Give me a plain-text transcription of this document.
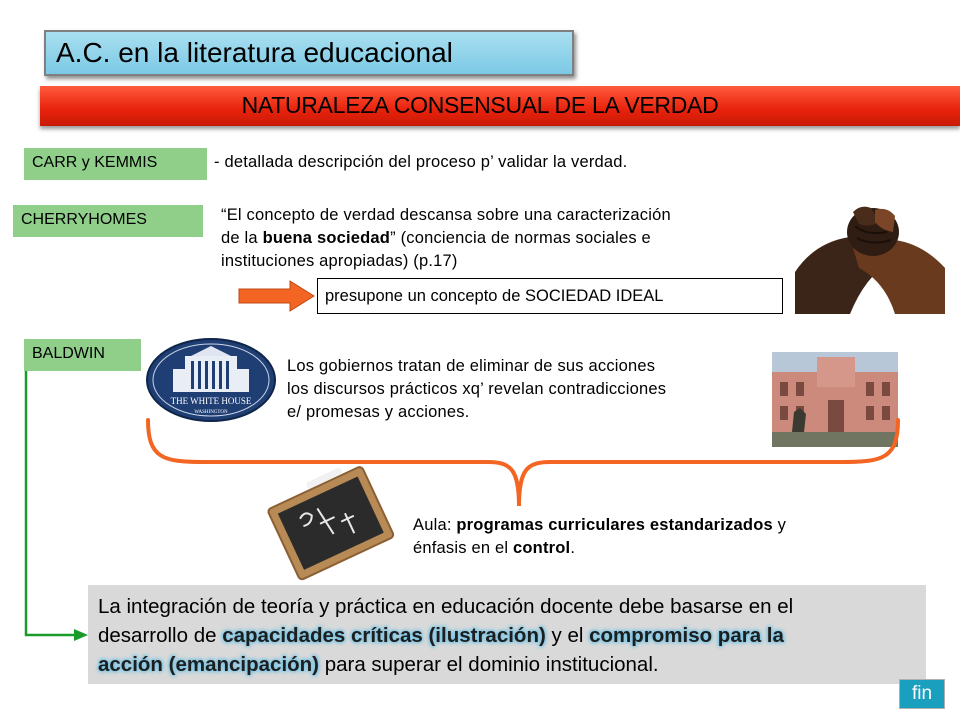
A.C. en la literatura educacional
NATURALEZA CONSENSUAL DE LA VERDAD
CARR y KEMMIS	- detallada descripción del proceso p’ validar la verdad.
CHERRYHOMES	“El concepto de verdad descansa sobre una caracterización
de la buena sociedad” (conciencia de normas sociales e
instituciones apropiadas) (p.17)
presupone un concepto de SOCIEDAD IDEAL
BALDWIN
THE WHITE HOUSE
WASHINGTON
Los gobiernos tratan de eliminar de sus acciones
los discursos prácticos xq’ revelan contradicciones
e/ promesas y acciones.
Aula: programas curriculares estandarizados y
énfasis en el control.
La integración de teoría y práctica en educación docente debe basarse en el
desarrollo de capacidades críticas (ilustración) y el compromiso para la
acción (emancipación) para superar el dominio institucional.
fin
